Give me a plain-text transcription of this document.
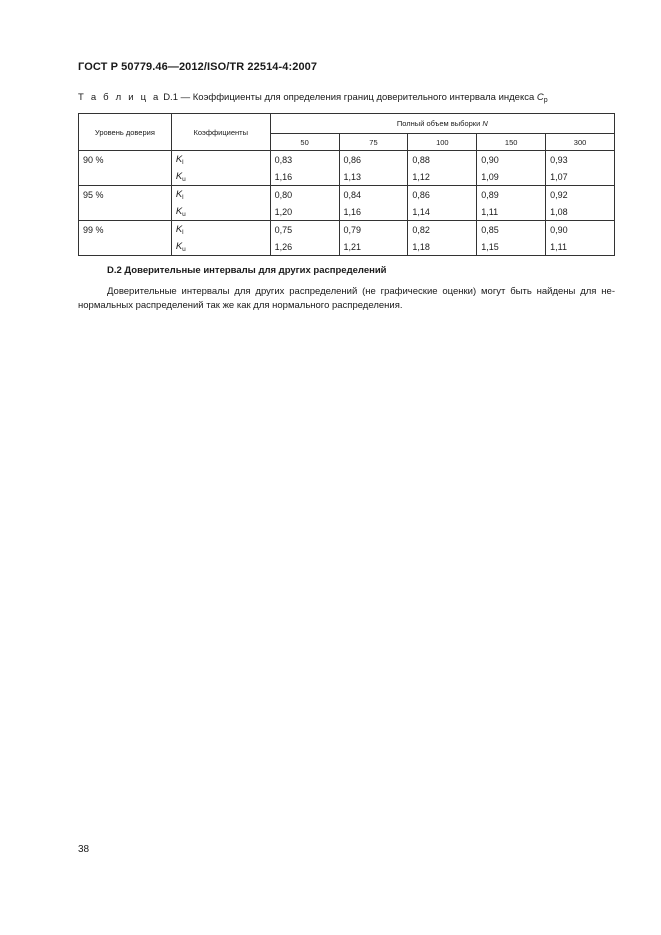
ГОСТ Р 50779.46—2012/ISO/TR 22514-4:2007
Т а б л и ц а D.1 — Коэффициенты для определения границ доверительного интервала индекса $C_p$
Уровень доверия	Коэффициенты	Полный объем выборки N				
		50	75	100	150	300
90 %	$K_l$	0,83	0,86	0,88	0,90	0,93
	$K_u$	1,16	1,13	1,12	1,09	1,07
95 %	$K_l$	0,80	0,84	0,86	0,89	0,92
	$K_u$	1,20	1,16	1,14	1,11	1,08
99 %	$K_l$	0,75	0,79	0,82	0,85	0,90
	$K_u$	1,26	1,21	1,18	1,15	1,11
D.2 Доверительные интервалы для других распределений
Доверительные интервалы для других распределений (не графические оценки) могут быть найдены для не-
нормальных распределений так же как для нормального распределения.
38
